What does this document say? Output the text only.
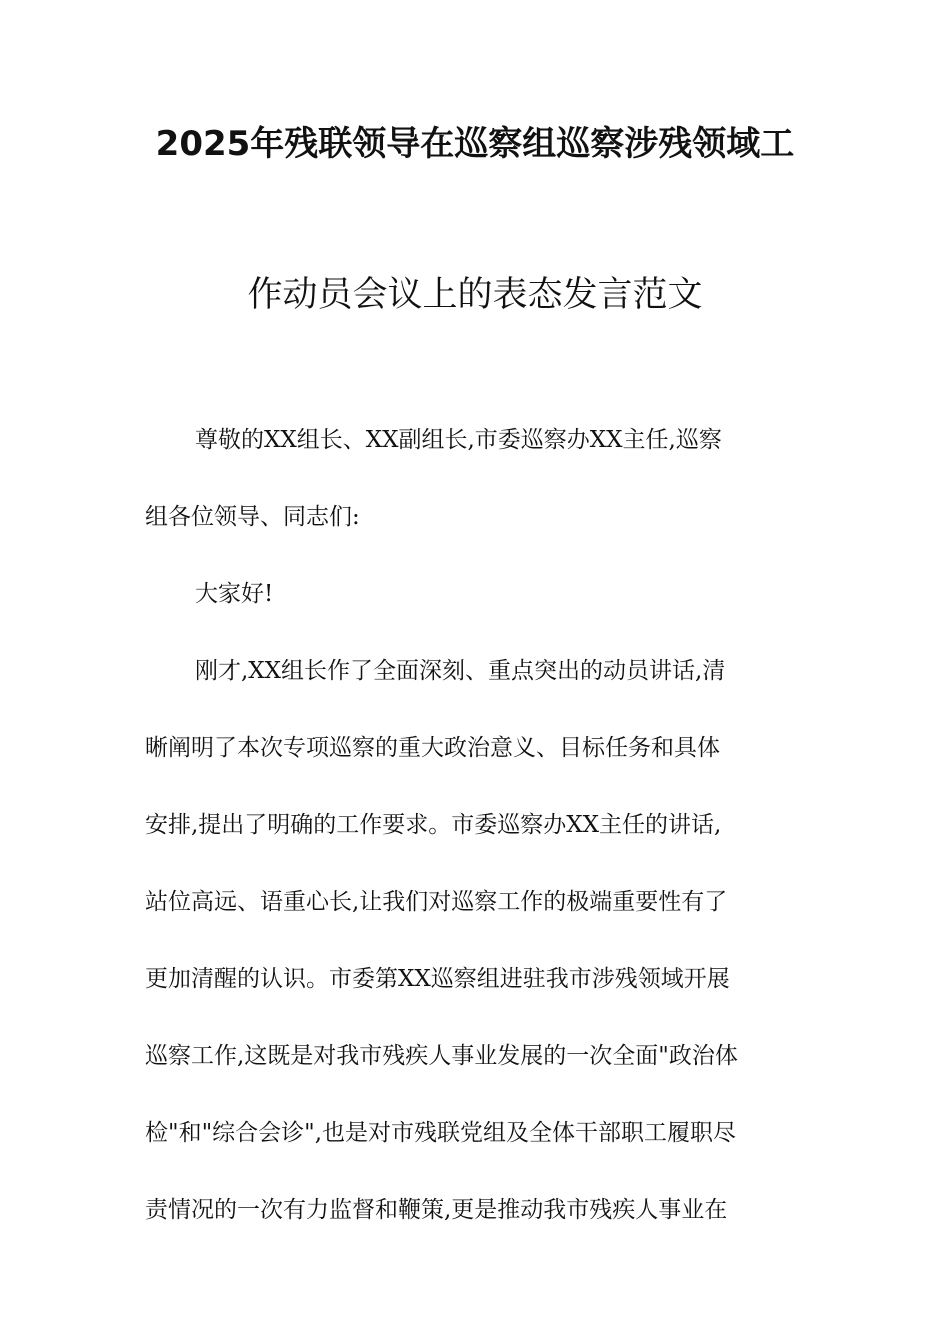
2025年残联领导在巡察组巡察涉残领域工
作动员会议上的表态发言范文
尊敬的XX组长、XX副组长,市委巡察办XX主任,巡察
组各位领导、同志们:
大家好!
刚才,XX组长作了全面深刻、重点突出的动员讲话,清
晰阐明了本次专项巡察的重大政治意义、目标任务和具体
安排,提出了明确的工作要求。市委巡察办XX主任的讲话,
站位高远、语重心长,让我们对巡察工作的极端重要性有了
更加清醒的认识。市委第XX巡察组进驻我市涉残领域开展
巡察工作,这既是对我市残疾人事业发展的一次全面"政治体
检"和"综合会诊",也是对市残联党组及全体干部职工履职尽
责情况的一次有力监督和鞭策,更是推动我市残疾人事业在
